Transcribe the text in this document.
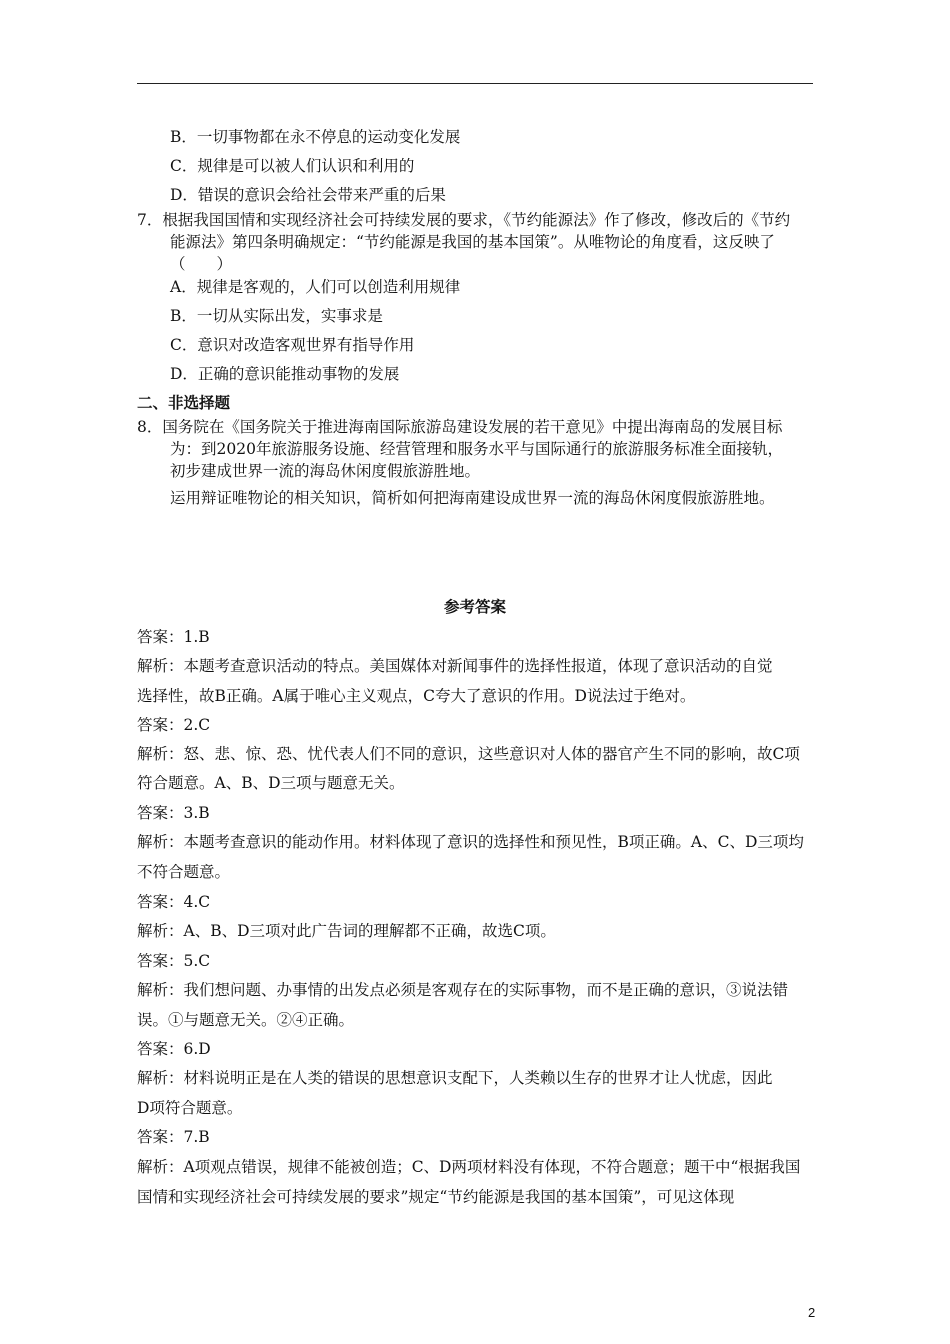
B．一切事物都在永不停息的运动变化发展
C．规律是可以被人们认识和利用的
D．错误的意识会给社会带来严重的后果
7．根据我国国情和实现经济社会可持续发展的要求，《节约能源法》作了修改，修改后的《节约
能源法》第四条明确规定：“节约能源是我国的基本国策”。从唯物论的角度看，这反映了
（　　）
A．规律是客观的，人们可以创造利用规律
B．一切从实际出发，实事求是
C．意识对改造客观世界有指导作用
D．正确的意识能推动事物的发展
二、非选择题
8．国务院在《国务院关于推进海南国际旅游岛建设发展的若干意见》中提出海南岛的发展目标
为：到2020年旅游服务设施、经营管理和服务水平与国际通行的旅游服务标准全面接轨，
初步建成世界一流的海岛休闲度假旅游胜地。
运用辩证唯物论的相关知识，简析如何把海南建设成世界一流的海岛休闲度假旅游胜地。
参考答案
答案：1.B
解析：本题考查意识活动的特点。美国媒体对新闻事件的选择性报道，体现了意识活动的自觉
选择性，故B正确。A属于唯心主义观点，C夸大了意识的作用。D说法过于绝对。
答案：2.C
解析：怒、悲、惊、恐、忧代表人们不同的意识，这些意识对人体的器官产生不同的影响，故C项
符合题意。A、B、D三项与题意无关。
答案：3.B
解析：本题考查意识的能动作用。材料体现了意识的选择性和预见性，B项正确。A、C、D三项均
不符合题意。
答案：4.C
解析：A、B、D三项对此广告词的理解都不正确，故选C项。
答案：5.C
解析：我们想问题、办事情的出发点必须是客观存在的实际事物，而不是正确的意识，③说法错
误。①与题意无关。②④正确。
答案：6.D
解析：材料说明正是在人类的错误的思想意识支配下，人类赖以生存的世界才让人忧虑，因此
D项符合题意。
答案：7.B
解析：A项观点错误，规律不能被创造；C、D两项材料没有体现，不符合题意；题干中“根据我国
国情和实现经济社会可持续发展的要求”规定“节约能源是我国的基本国策”，可见这体现
2
